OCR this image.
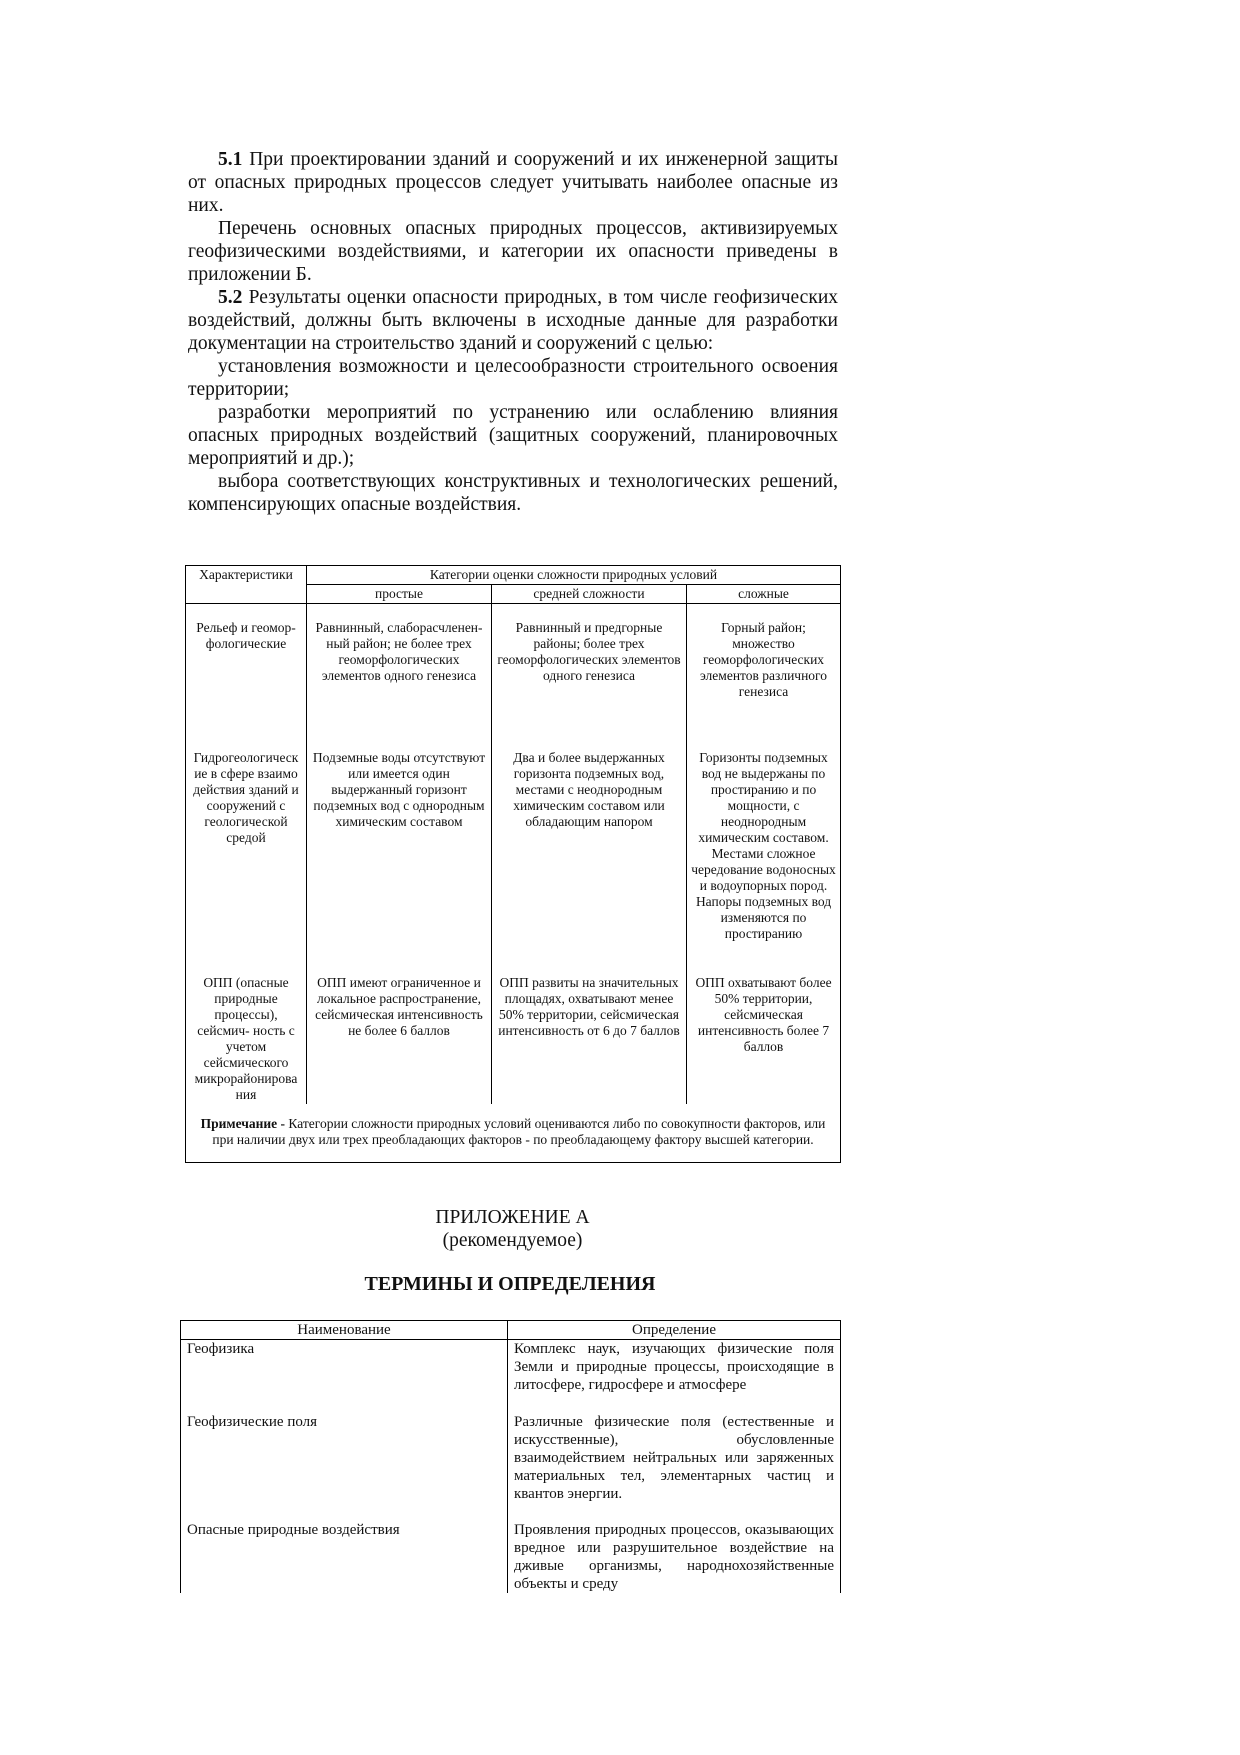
5.1 При проектировании зданий и сооружений и их инженерной защиты от опасных природных процессов следует учитывать наиболее опасные из них.

Перечень основных опасных природных процессов, активизируемых геофизическими воздействиями, и категории их опасности приведены в приложении Б.

5.2 Результаты оценки опасности природных, в том числе геофизических воздействий, должны быть включены в исходные данные для разработки документации на строительство зданий и сооружений с целью:

установления возможности и целесообразности строительного освоения территории;

разработки мероприятий по устранению или ослаблению влияния опасных природных воздействий (защитных сооружений, планировочных мероприятий и др.);

выбора соответствующих конструктивных и технологических решений, компенсирующих опасные воздействия.

Характеристики	Категории оценки сложности природных условий		
	простые	средней сложности	сложные
Рельеф и геомор- фологические	Равнинный, слаборасчленен- ный район; не более трех геоморфологических элементов одного генезиса	Равнинный и предгорные районы; более трех геоморфологических элементов одного генезиса	Горный район; множество геоморфологических элементов различного генезиса
Гидрогеологическ ие в сфере взаимо действия зданий и сооружений с геологической средой	Подземные воды отсутствуют или имеется один выдержанный горизонт подземных вод с однородным химическим составом	Два и более выдержанных горизонта подземных вод, местами с неоднородным химическим составом или обладающим напором	Горизонты подземных вод не выдержаны по простиранию и по мощности, с неоднородным химическим составом. Местами сложное чередование водоносных и водоупорных пород. Напоры подземных вод изменяются по простиранию
ОПП (опасные природные процессы), сейсмич- ность с учетом сейсмического микрорайонирова ния	ОПП имеют ограниченное и локальное распространение, сейсмическая интенсивность не более 6 баллов	ОПП развиты на значительных площадях, охватывают менее 50% территории, сейсмическая интенсивность от 6 до 7 баллов	ОПП охватывают более 50% территории, сейсмическая интенсивность более 7 баллов
Примечание - Категории сложности природных условий оцениваются либо по совокупности факторов, или при наличии двух или трех преобладающих факторов - по преобладающему фактору высшей категории.			
ПРИЛОЖЕНИЕ А
(рекомендуемое)
ТЕРМИНЫ И ОПРЕДЕЛЕНИЯ
Наименование	Определение
Геофизика	Комплекс наук, изучающих физические поля Земли и природные процессы, происходящие в литосфере, гидросфере и атмосфере
Геофизические поля	Различные физические поля (естественные и искусственные), обусловленные взаимодействием нейтральных или заряженных материальных тел, элементарных частиц и квантов энергии.
Опасные природные воздействия	Проявления природных процессов, оказывающих вредное или разрушительное воздействие на дживые организмы, народнохозяйственные объекты и среду
